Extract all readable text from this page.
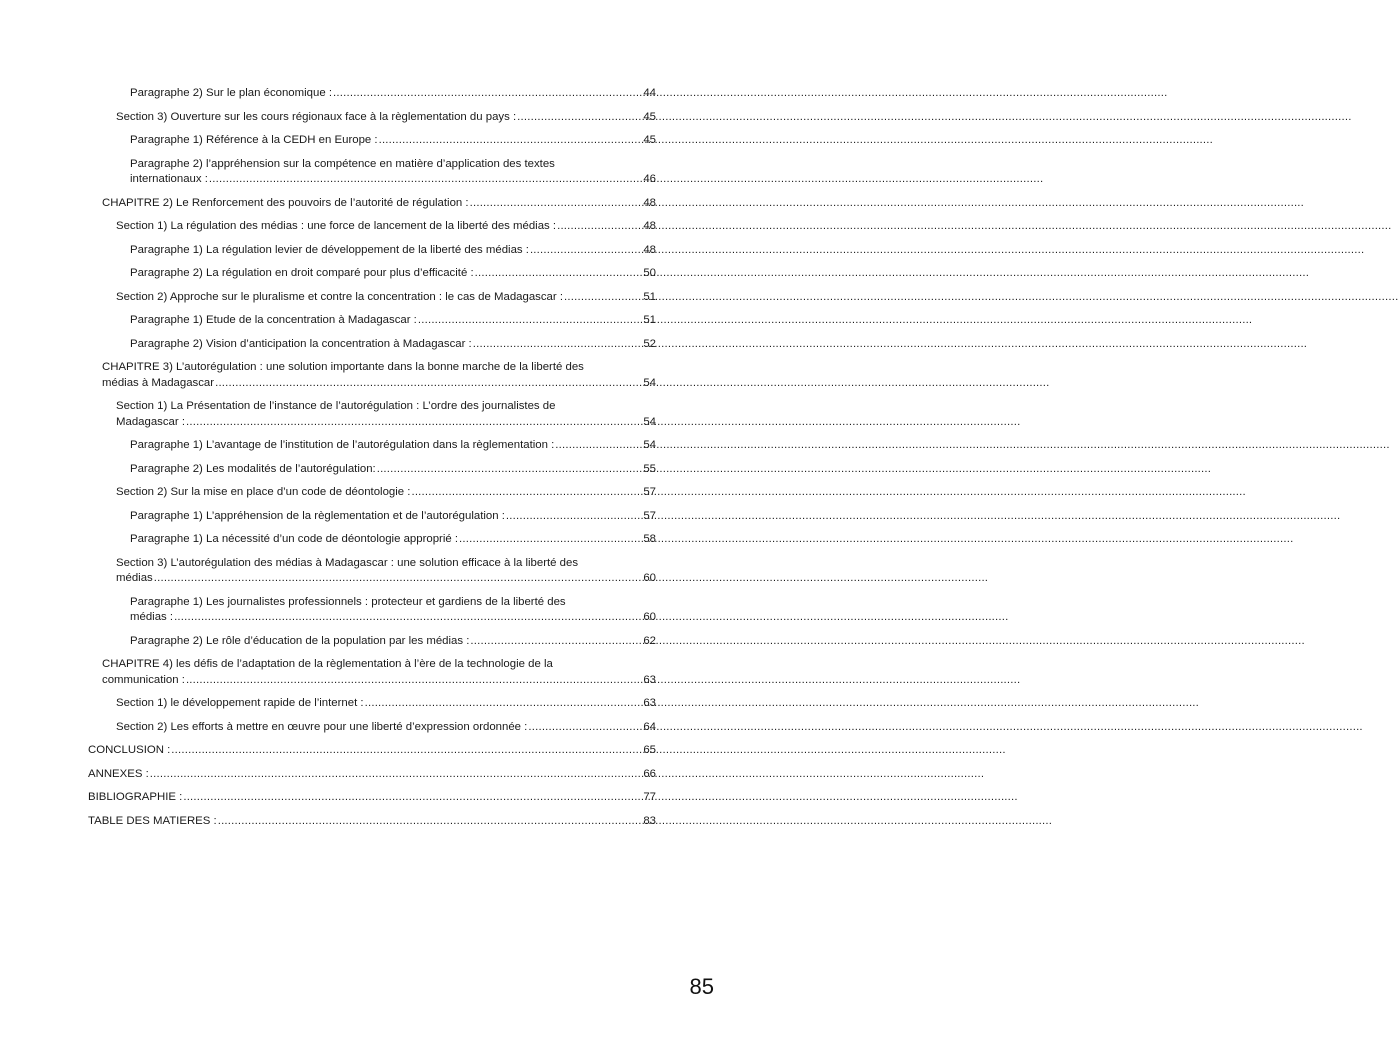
Paragraphe 2) Sur le plan économique : .....	44
Section 3) Ouverture sur les cours régionaux face à la règlementation du pays : .....	45
Paragraphe 1) Référence à la CEDH en Europe : .....	45
Paragraphe 2) l’appréhension sur la compétence en matière d’application des textes
internationaux : .....	46
CHAPITRE 2) Le Renforcement des pouvoirs de l’autorité de régulation : .....	48
Section 1) La régulation des médias : une force de lancement de la liberté des médias : .....	48
Paragraphe 1) La régulation levier de développement de la liberté des médias : .....	48
Paragraphe 2) La régulation en droit comparé pour plus d’efficacité : .....	50
Section 2) Approche sur le pluralisme et contre la concentration : le cas de Madagascar : .....	51
Paragraphe 1) Etude de la concentration à Madagascar : .....	51
Paragraphe 2) Vision d’anticipation la concentration à Madagascar : .....	52
CHAPITRE 3) L’autorégulation : une solution importante dans la bonne marche de la liberté des
médias à Madagascar .....	54
Section 1) La Présentation de l’instance de l’autorégulation : L’ordre des journalistes de
Madagascar : .....	54
Paragraphe 1) L’avantage de l’institution de l’autorégulation dans la règlementation : .....	54
Paragraphe 2) Les modalités de l’autorégulation: .....	55
Section 2) Sur la mise en place d’un code de déontologie : .....	57
Paragraphe 1) L’appréhension de la règlementation et de l’autorégulation : .....	57
Paragraphe 1) La nécessité d’un code de déontologie approprié : .....	58
Section 3) L’autorégulation des médias à Madagascar : une solution efficace à la liberté des
médias .....	60
Paragraphe 1) Les journalistes professionnels : protecteur et gardiens de la liberté des
médias : .....	60
Paragraphe 2) Le rôle d’éducation de la population par les médias : .....	62
CHAPITRE 4) les défis de l’adaptation de la règlementation à l’ère de la technologie de la
communication : .....	63
Section 1) le développement rapide de l’internet : .....	63
Section 2) Les efforts à mettre en œuvre pour une liberté d’expression ordonnée : .....	64
CONCLUSION : .....	65
ANNEXES : .....	66
BIBLIOGRAPHIE : .....	77
TABLE DES MATIERES : .....	83
85
